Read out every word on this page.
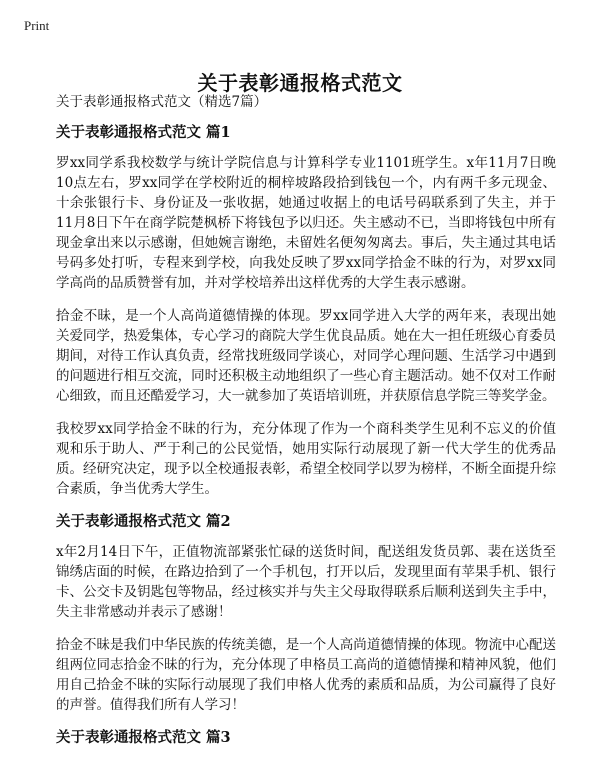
Print
关于表彰通报格式范文

关于表彰通报格式范文（精选7篇）

关于表彰通报格式范文 篇1

罗xx同学系我校数学与统计学院信息与计算科学专业1101班学生。x年11月7日晚10点左右，罗xx同学在学校附近的桐梓坡路段拾到钱包一个，内有两千多元现金、十余张银行卡、身份证及一张收据，她通过收据上的电话号码联系到了失主，并于11月8日下午在商学院楚枫桥下将钱包予以归还。失主感动不已，当即将钱包中所有现金拿出来以示感谢，但她婉言谢绝，未留姓名便匆匆离去。事后，失主通过其电话号码多处打听，专程来到学校，向我处反映了罗xx同学拾金不昧的行为，对罗xx同学高尚的品质赞誉有加，并对学校培养出这样优秀的大学生表示感谢。

拾金不昧，是一个人高尚道德情操的体现。罗xx同学进入大学的两年来，表现出她关爱同学，热爱集体，专心学习的商院大学生优良品质。她在大一担任班级心育委员期间，对待工作认真负责，经常找班级同学谈心，对同学心理问题、生活学习中遇到的问题进行相互交流，同时还积极主动地组织了一些心育主题活动。她不仅对工作耐心细致，而且还酷爱学习，大一就参加了英语培训班，并获原信息学院三等奖学金。

我校罗xx同学拾金不昧的行为，充分体现了作为一个商科类学生见利不忘义的价值观和乐于助人、严于利己的公民觉悟，她用实际行动展现了新一代大学生的优秀品质。经研究决定，现予以全校通报表彰，希望全校同学以罗为榜样，不断全面提升综合素质，争当优秀大学生。

关于表彰通报格式范文 篇2

x年2月14日下午，正值物流部紧张忙碌的送货时间，配送组发货员郭、裴在送货至锦绣店面的时候，在路边拾到了一个手机包，打开以后，发现里面有苹果手机、银行卡、公交卡及钥匙包等物品，经过核实并与失主父母取得联系后顺利送到失主手中，失主非常感动并表示了感谢！

拾金不昧是我们中华民族的传统美德，是一个人高尚道德情操的体现。物流中心配送组两位同志拾金不昧的行为，充分体现了申格员工高尚的道德情操和精神风貌，他们用自己拾金不昧的实际行动展现了我们申格人优秀的素质和品质，为公司赢得了良好的声誉。值得我们所有人学习！

关于表彰通报格式范文 篇3
